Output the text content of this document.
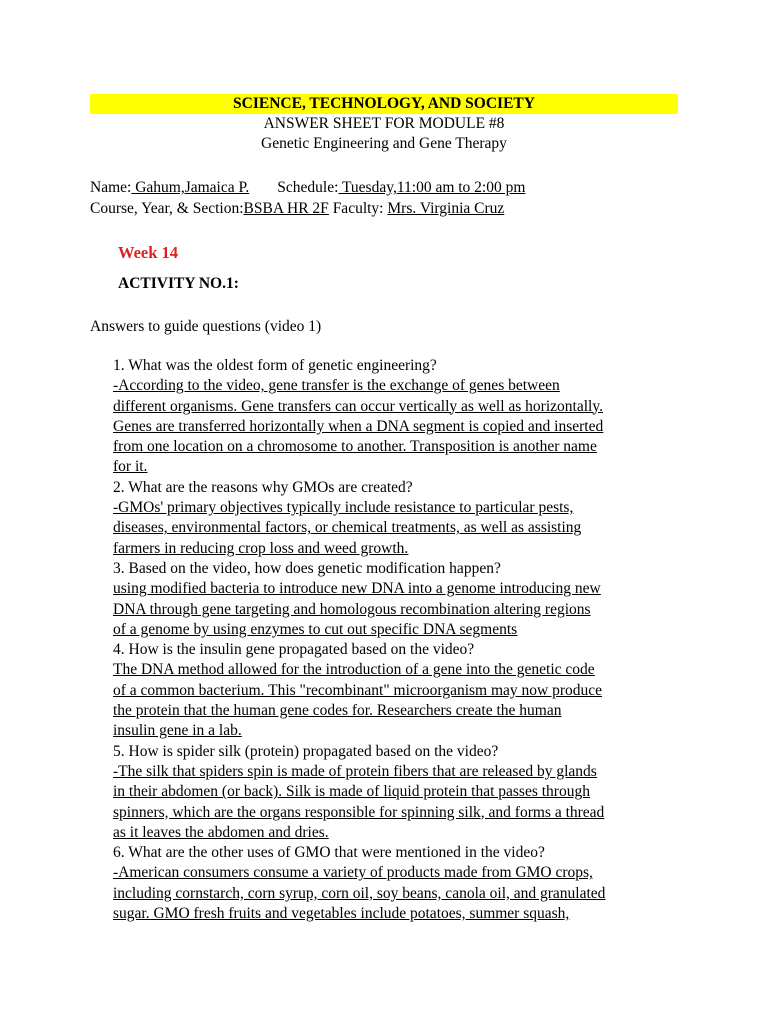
SCIENCE, TECHNOLOGY, AND SOCIETY
ANSWER SHEET FOR MODULE #8
Genetic Engineering and Gene Therapy
Name: Gahum,Jamaica P. Schedule: Tuesday,11:00 am to 2:00 pm
Course, Year, & Section:BSBA HR 2F Faculty: Mrs. Virginia Cruz
Week 14
ACTIVITY NO.1:
Answers to guide questions (video 1)

1. What was the oldest form of genetic engineering?

-According to the video, gene transfer is the exchange of genes between
different organisms. Gene transfers can occur vertically as well as horizontally.
Genes are transferred horizontally when a DNA segment is copied and inserted
from one location on a chromosome to another. Transposition is another name
for it.

2. What are the reasons why GMOs are created?

-GMOs' primary objectives typically include resistance to particular pests,
diseases, environmental factors, or chemical treatments, as well as assisting
farmers in reducing crop loss and weed growth.

3. Based on the video, how does genetic modification happen?

using modified bacteria to introduce new DNA into a genome introducing new
DNA through gene targeting and homologous recombination altering regions
of a genome by using enzymes to cut out specific DNA segments

4. How is the insulin gene propagated based on the video?

The DNA method allowed for the introduction of a gene into the genetic code
of a common bacterium. This "recombinant" microorganism may now produce
the protein that the human gene codes for. Researchers create the human
insulin gene in a lab.

5. How is spider silk (protein) propagated based on the video?

-The silk that spiders spin is made of protein fibers that are released by glands
in their abdomen (or back). Silk is made of liquid protein that passes through
spinners, which are the organs responsible for spinning silk, and forms a thread
as it leaves the abdomen and dries.

6. What are the other uses of GMO that were mentioned in the video?

-American consumers consume a variety of products made from GMO crops,
including cornstarch, corn syrup, corn oil, soy beans, canola oil, and granulated
sugar. GMO fresh fruits and vegetables include potatoes, summer squash,
